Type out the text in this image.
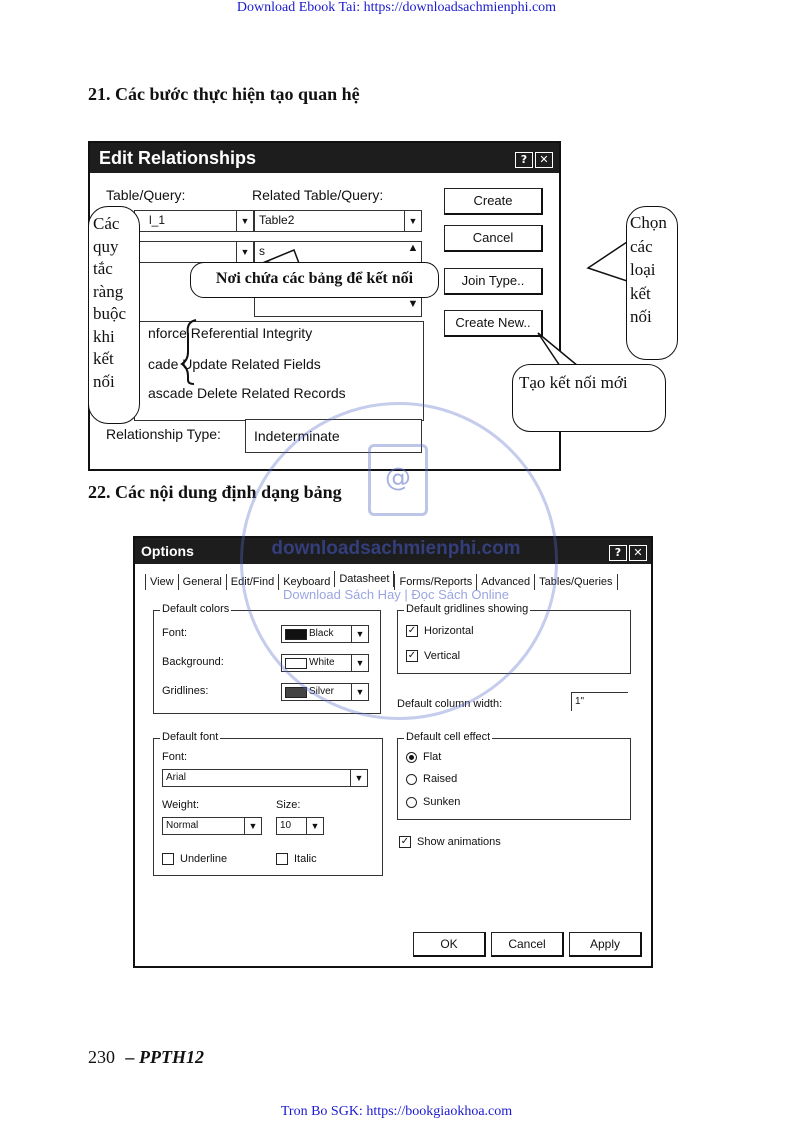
Download Ebook Tai: https://downloadsachmienphi.com
Tron Bo SGK: https://bookgiaokhoa.com
21. Các bước thực hiện tạo quan hệ
Edit Relationships	? ✕
Table/Query:	Related Table/Query:
l_1	▼ Table2	▼
▼ s	▲
▼
nforce Referential Integrity
cade Update Related Fields
ascade Delete Related Records
Relationship Type: Indeterminate
Create
Cancel
Join Type..
Create New..
Các quy tắc ràng buộc khi kết nối
Nơi chứa các bảng để kết nối
Chọn các loại kết nối
Tạo kết nối mới
22. Các nội dung định dạng bảng
Options	? ✕
View General Edit/Find Keyboard Datasheet Forms/Reports Advanced Tables/Queries
Default colors
Font:	Black	▼
Background:	White	▼
Gridlines:	Silver	▼
Default gridlines showing
✓ Horizontal
✓ Vertical
Default column width:	1"
Default font
Font:
Arial	▼
Weight:
Normal	▼
Size:
10	▼
Underline	Italic
Default cell effect
Flat
Raised
Sunken
✓ Show animations
OK	Cancel	Apply
@
downloadsachmienphi.com
Download Sách Hay | Đọc Sách Online
230 – PPTH12
